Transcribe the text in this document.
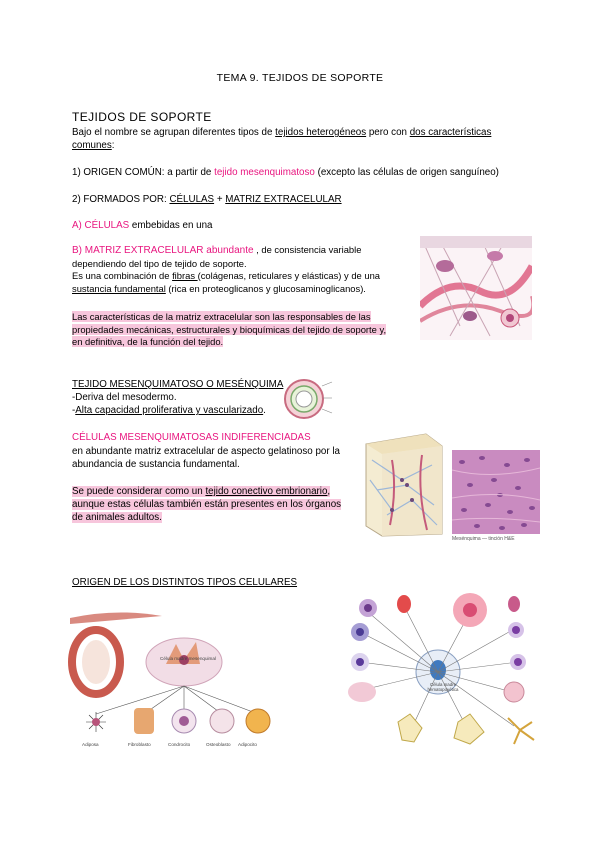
TEMA 9. TEJIDOS DE SOPORTE
TEJIDOS DE SOPORTE
Bajo el nombre se agrupan diferentes tipos de tejidos heterogéneos pero con dos características
comunes:
1) ORIGEN COMÚN: a partir de tejido mesenquimatoso (excepto las células de origen sanguíneo)
2) FORMADOS POR: CÉLULAS + MATRIZ EXTRACELULAR
A) CÉLULAS embebidas en una
B) MATRIZ EXTRACELULAR abundante , de consistencia variable
dependiendo del tipo de tejido de soporte.
Es una combinación de fibras (colágenas, reticulares y elásticas) y de una
sustancia fundamental (rica en proteoglicanos y glucosaminoglicanos).
Las características de la matriz extracelular son las responsables de las
propiedades mecánicas, estructurales y bioquímicas del tejido de soporte y,
en definitiva, de la función del tejido.
TEJIDO MESENQUIMATOSO O MESÉNQUIMA
-Deriva del mesodermo.
-Alta capacidad proliferativa y vascularizado.
CÉLULAS MESENQUIMATOSAS INDIFERENCIADAS
en abundante matriz extracelular de aspecto gelatinoso por la
abundancia de sustancia fundamental.
Se puede considerar como un tejido conectivo embrionario,
aunque estas células también están presentes en los órganos
de animales adultos.
Mesénquima — tinción H&E
ORIGEN DE LOS DISTINTOS TIPOS CELULARES
Adiposa	Fibroblasto	Condrocito	Osteoblasto Adipocito
Célula madre mesenquimal
Célula madre hematopoyética
